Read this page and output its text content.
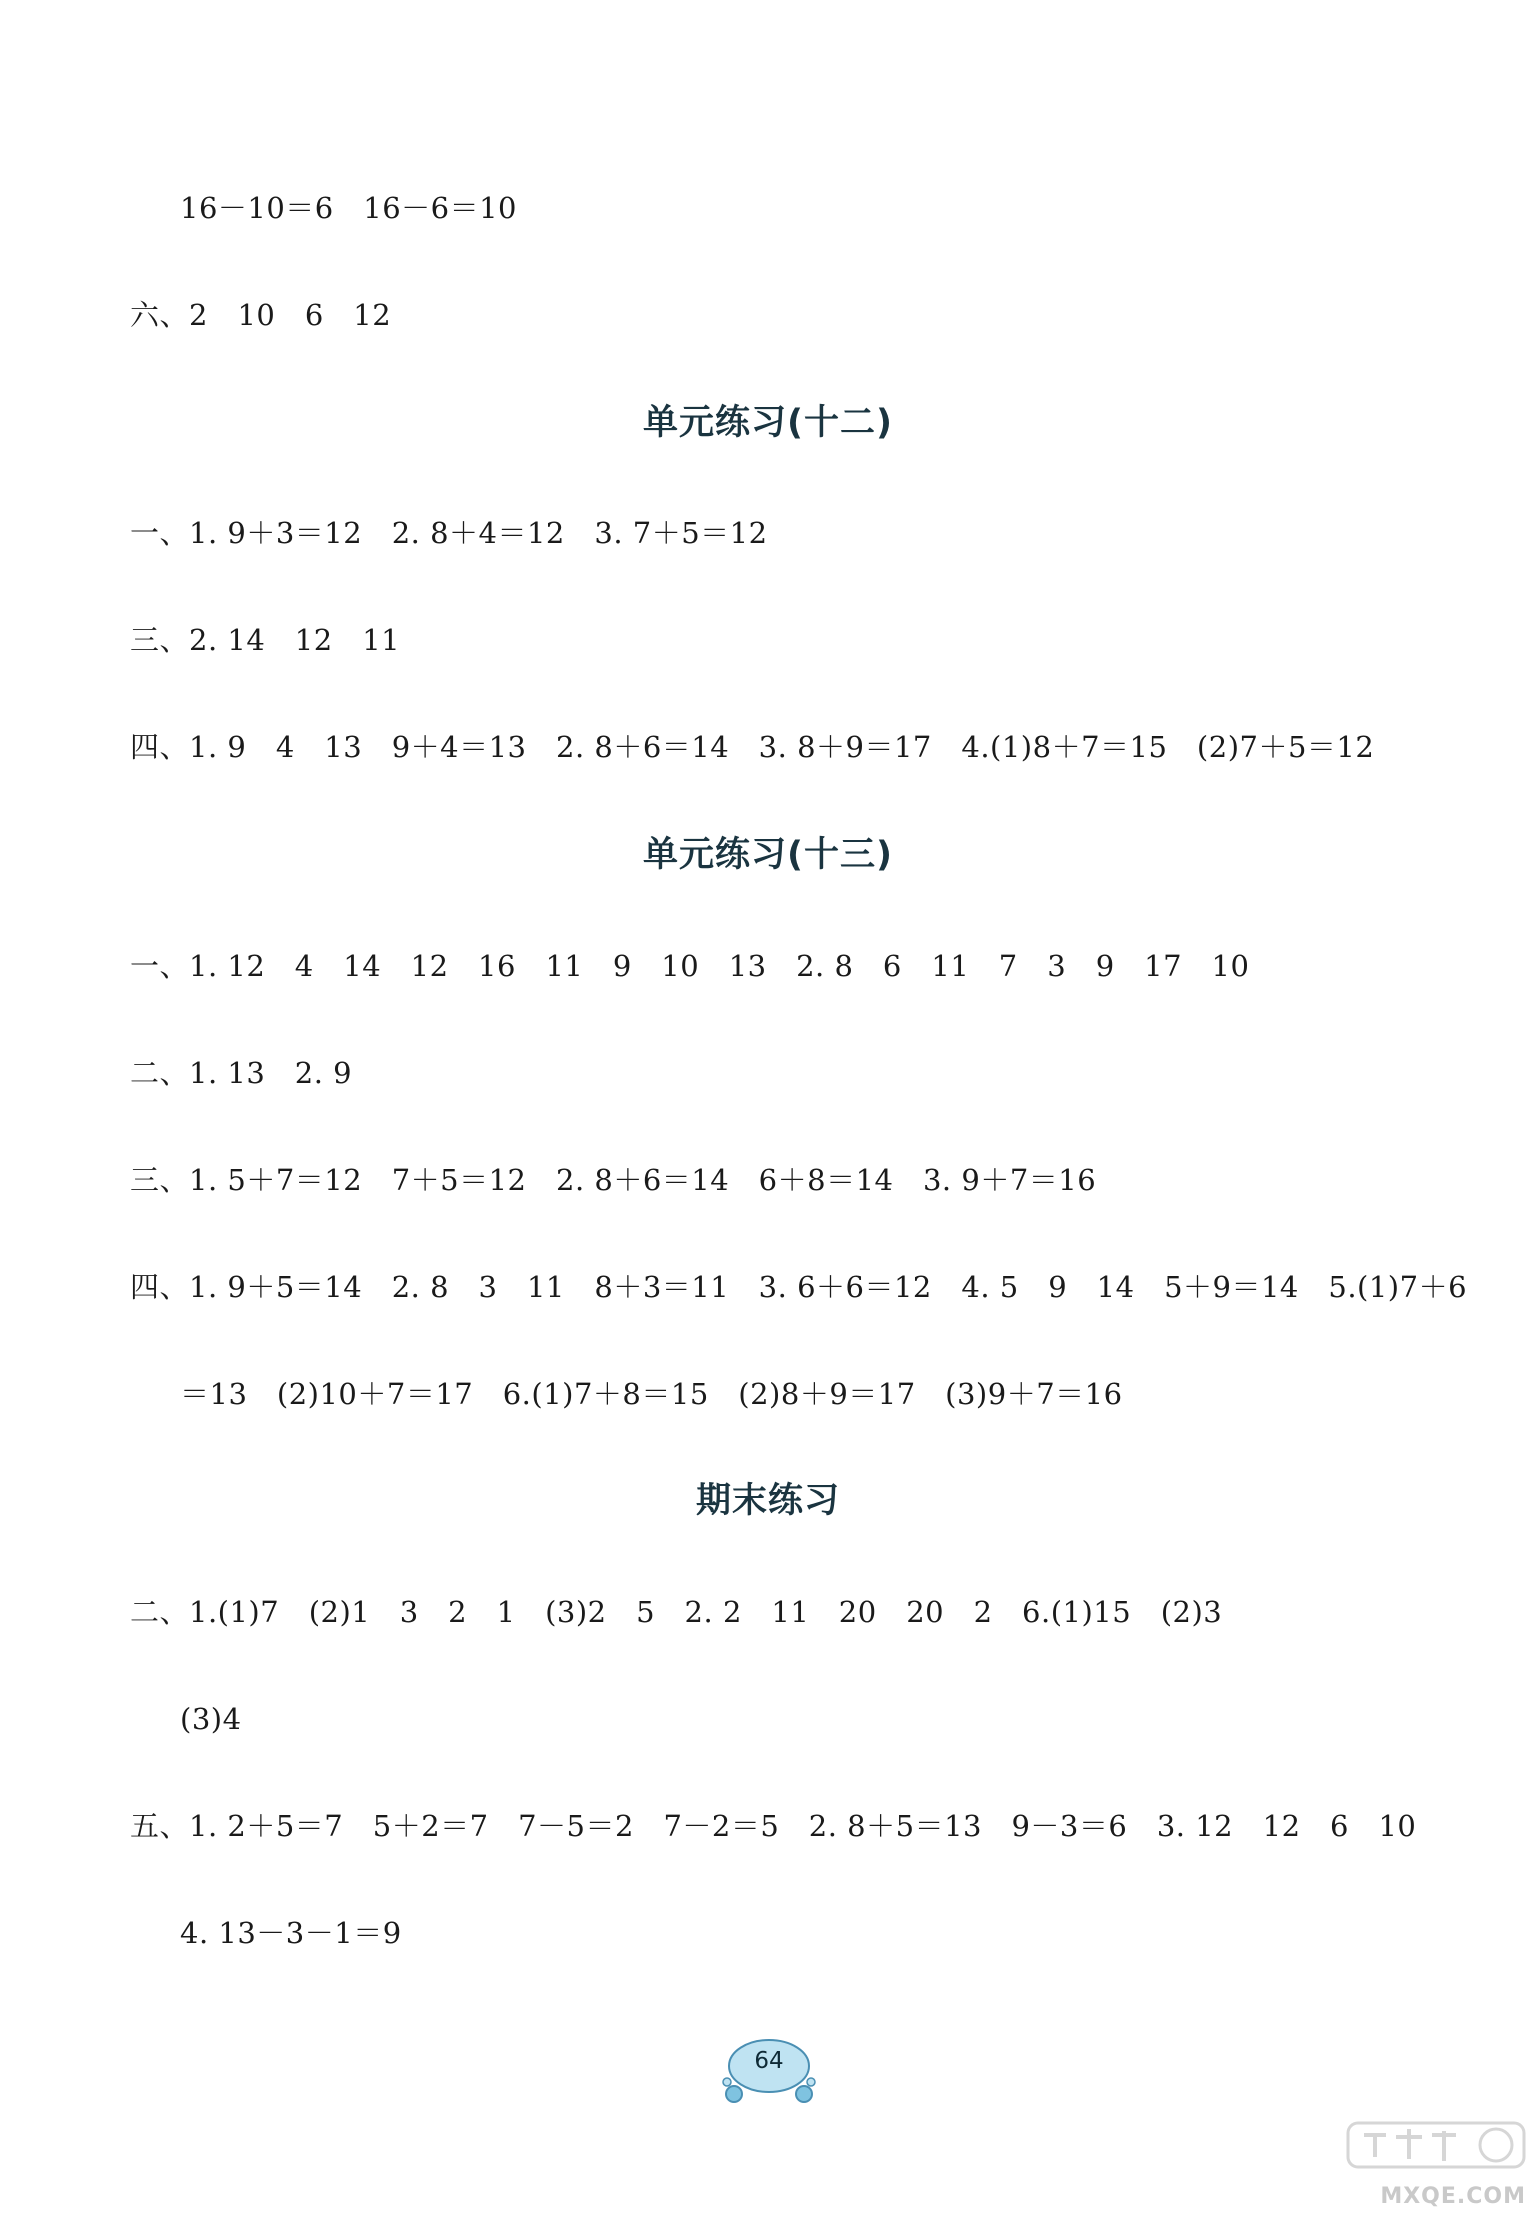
16－10＝6　16－6＝10
六、2　10　6　12
单元练习(十二)
一、1. 9＋3＝12　2. 8＋4＝12　3. 7＋5＝12
三、2. 14　12　11
四、1. 9　4　13　9＋4＝13　2. 8＋6＝14　3. 8＋9＝17　4.(1)8＋7＝15　(2)7＋5＝12
单元练习(十三)
一、1. 12　4　14　12　16　11　9　10　13　2. 8　6　11　7　3　9　17　10
二、1. 13　2. 9
三、1. 5＋7＝12　7＋5＝12　2. 8＋6＝14　6＋8＝14　3. 9＋7＝16
四、1. 9＋5＝14　2. 8　3　11　8＋3＝11　3. 6＋6＝12　4. 5　9　14　5＋9＝14　5.(1)7＋6
＝13　(2)10＋7＝17　6.(1)7＋8＝15　(2)8＋9＝17　(3)9＋7＝16
期末练习
二、1.(1)7　(2)1　3　2　1　(3)2　5　2. 2　11　20　20　2　6.(1)15　(2)3
(3)4
五、1. 2＋5＝7　5＋2＝7　7－5＝2　7－2＝5　2. 8＋5＝13　9－3＝6　3. 12　12　6　10
4. 13－3－1＝9
64
MXQE.COM
